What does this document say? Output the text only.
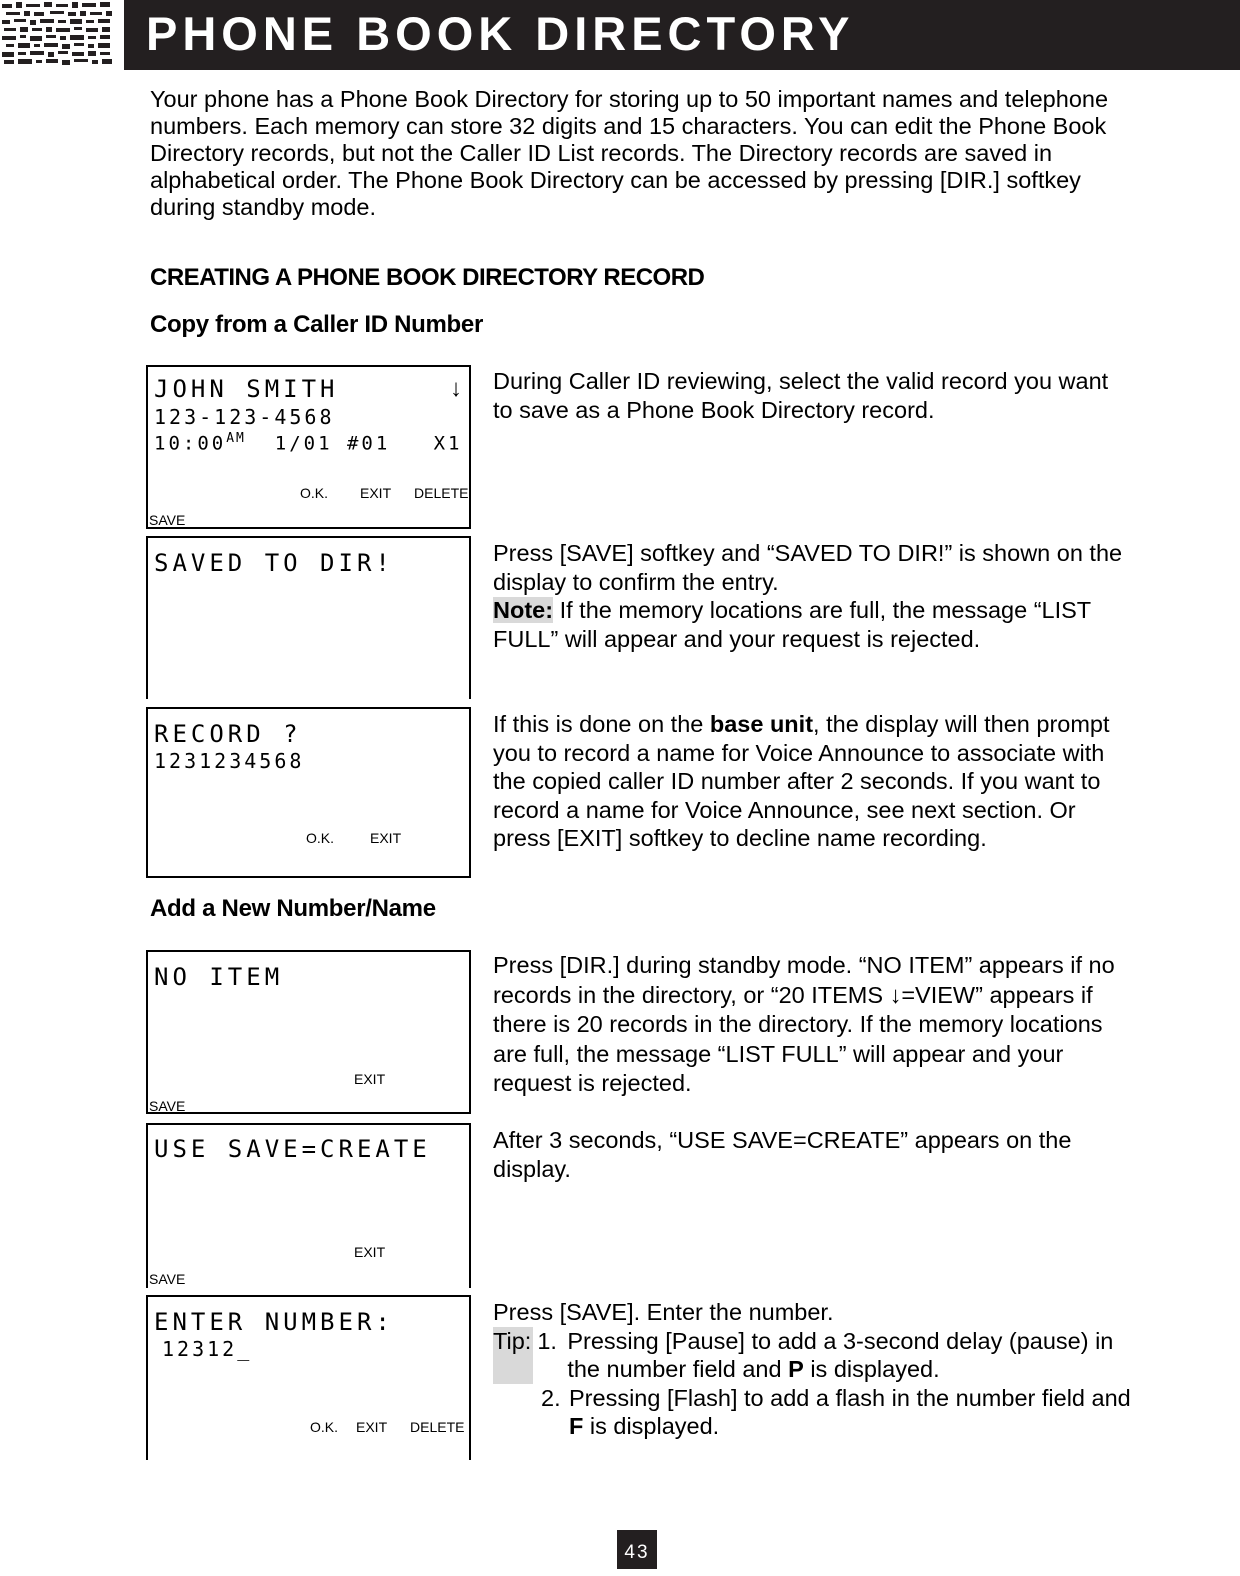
PHONE BOOK DIRECTORY
Your phone has a Phone Book Directory for storing up to 50 important names and telephone numbers. Each memory can store 32 digits and 15 characters. You can edit the Phone Book Directory records, but not the Caller ID List records. The Directory records are saved in alphabetical order. The Phone Book Directory can be accessed by pressing [DIR.] softkey during standby mode.
CREATING A PHONE BOOK DIRECTORY RECORD
Copy from a Caller ID Number
JOHN SMITH	↓
123-123-4568
$10:00^{AM}$ 1/01 #01   X1
O.K. EXIT DELETE
SAVE
SAVED TO DIR!
RECORD ?
1231234568
O.K.	EXIT
Add a New Number/Name
NO ITEM
EXIT
SAVE
USE SAVE=CREATE
EXIT
SAVE
ENTER NUMBER:
12312_
O.K. EXIT DELETE
During Caller ID reviewing, select the valid record you want to save as a Phone Book Directory record.
Press [SAVE] softkey and “SAVED TO DIR!” is shown on the display to confirm the entry.
Note: If the memory locations are full, the message “LIST FULL” will appear and your request is rejected.
If this is done on the base unit, the display will then prompt you to record a name for Voice Announce to associate with the copied caller ID number after 2 seconds. If you want to record a name for Voice Announce, see next section. Or press [EXIT] softkey to decline name recording.
Press [DIR.] during standby mode. “NO ITEM” appears if no records in the directory, or “20 ITEMS ↓=VIEW” appears if there is 20 records in the directory. If the memory locations are full, the message “LIST FULL” will appear and your request is rejected.
After 3 seconds, “USE SAVE=CREATE” appears on the display.
Press [SAVE]. Enter the number.
Tip: 1. Pressing [Pause] to add a 3-second delay (pause) in the number field and P is displayed.
2. Pressing [Flash] to add a flash in the number field and F is displayed.
43
